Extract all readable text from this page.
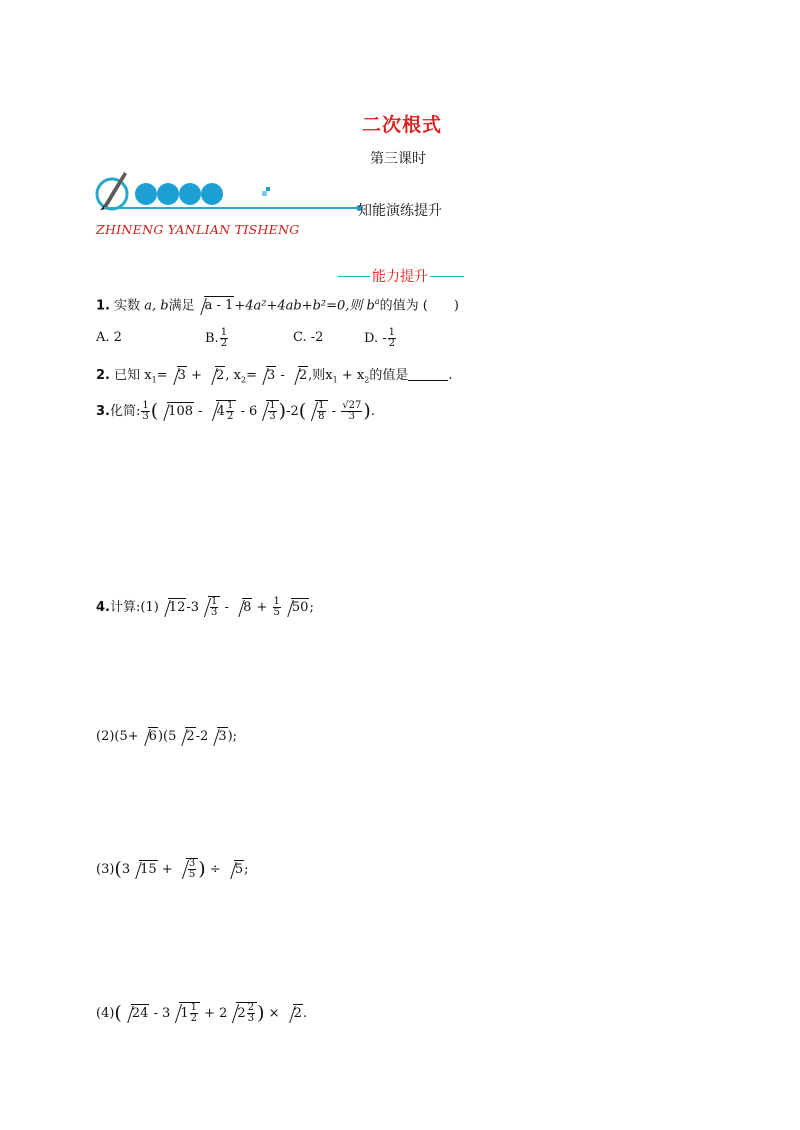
二次根式
第三课时
知能演练提升
ZHINENG YANLIAN TISHENG
能力提升
1. 实数 a, b满足 a - 1+4a²+4ab+b²=0,则 $b^a$的值为 (　　)
A. 2	B. $\frac{1}{2}$	C. -2	D. - $\frac{1}{2}$
2. 已知 $x_1= 3 + 2$, $x_2= 3 - 2$,则$x_1 + x_2$的值是	.
3.化简: $\frac{1}{3}$ ( $108 - 4 \frac{1}{2} - 6 \frac{1}{3} )-2( \frac{1}{8} - \frac{√27}{3}$ ).
4.计算:(1) $12-3 \frac{1}{3} - 8 + \frac{1}{5} 50$;
(2)(5+ 6)(5 2-2 3);
(3)(3 $15 + \frac{3}{5}$ ) ÷ 5;
(4)( 24 - 3 $1 \frac{1}{2} + 2$ $2 \frac{2}{3}$ ) × 2.
